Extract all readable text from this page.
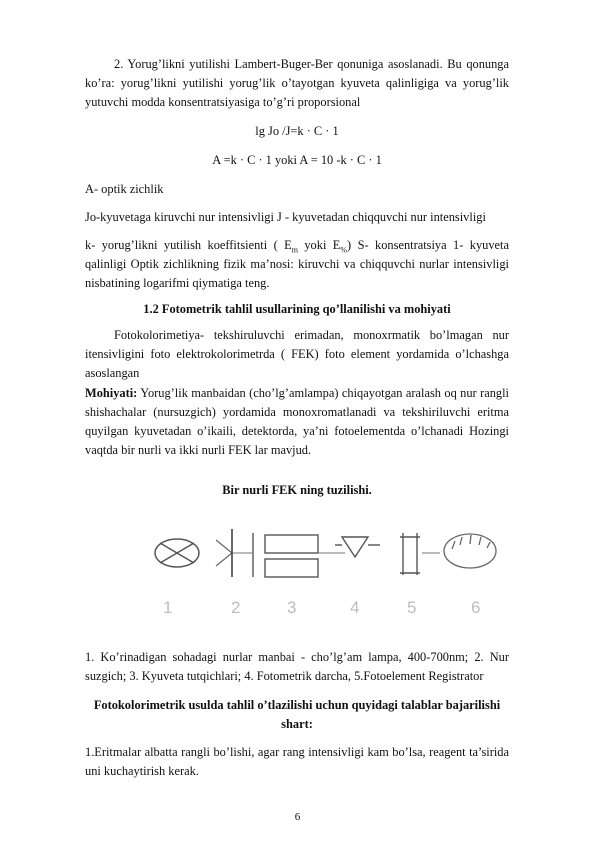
2. Yorug’likni yutilishi Lambert-Buger-Ber qonuniga asoslanadi. Bu qonunga ko’ra: yorug’likni yutilishi yorug’lik o’tayotgan kyuveta qalinligiga va yorug’lik yutuvchi modda konsentratsiyasiga to’g’ri proporsional

lg Jo /J=k · C · 1

A =k · C · 1 yoki A = 10 -k · C · 1

A- optik zichlik

Jo-kyuvetaga kiruvchi nur intensivligi J - kyuvetadan chiqquvchi nur intensivligi

k- yorug’likni yutilish koeffitsienti ( $E_m$ yoki $E_{\%}$) S- konsentratsiya 1- kyuveta qalinligi Optik zichlikning fizik ma’nosi: kiruvchi va chiqquvchi nurlar intensivligi nisbatining logarifmi qiymatiga teng.

1.2 Fotometrik tahlil usullarining qo’llanilishi va mohiyati

Fotokolorimetiya- tekshiruluvchi erimadan, monoxrmatik bo’lmagan nur itensivligini foto elektrokolorimetrda ( FEK) foto element yordamida o’lchashga asoslangan

Mohiyati: Yorug’lik manbaidan (cho’lg’amlampa) chiqayotgan aralash oq nur rangli shishachalar (nursuzgich) yordamida monoxromatlanadi va tekshiriluvchi eritma quyilgan kyuvetadan o’ikaili, detektorda, ya’ni fotoelementda o’lchanadi Hozingi vaqtda bir nurli va ikki nurli FEK lar mavjud.

Bir nurli FEK ning tuzilishi.

1	2	3	4	5	6

1. Ko’rinadigan sohadagi nurlar manbai - cho’lg’am lampa, 400-700nm; 2. Nur suzgich; 3. Kyuveta tutqichlari; 4. Fotometrik darcha, 5.Fotoelement Registrator

Fotokolorimetrik usulda tahlil o’tlazilishi uchun quyidagi talablar bajarilishi shart:

1.Eritmalar albatta rangli bo’lishi, agar rang intensivligi kam bo’lsa, reagent ta’sirida uni kuchaytirish kerak.

6
